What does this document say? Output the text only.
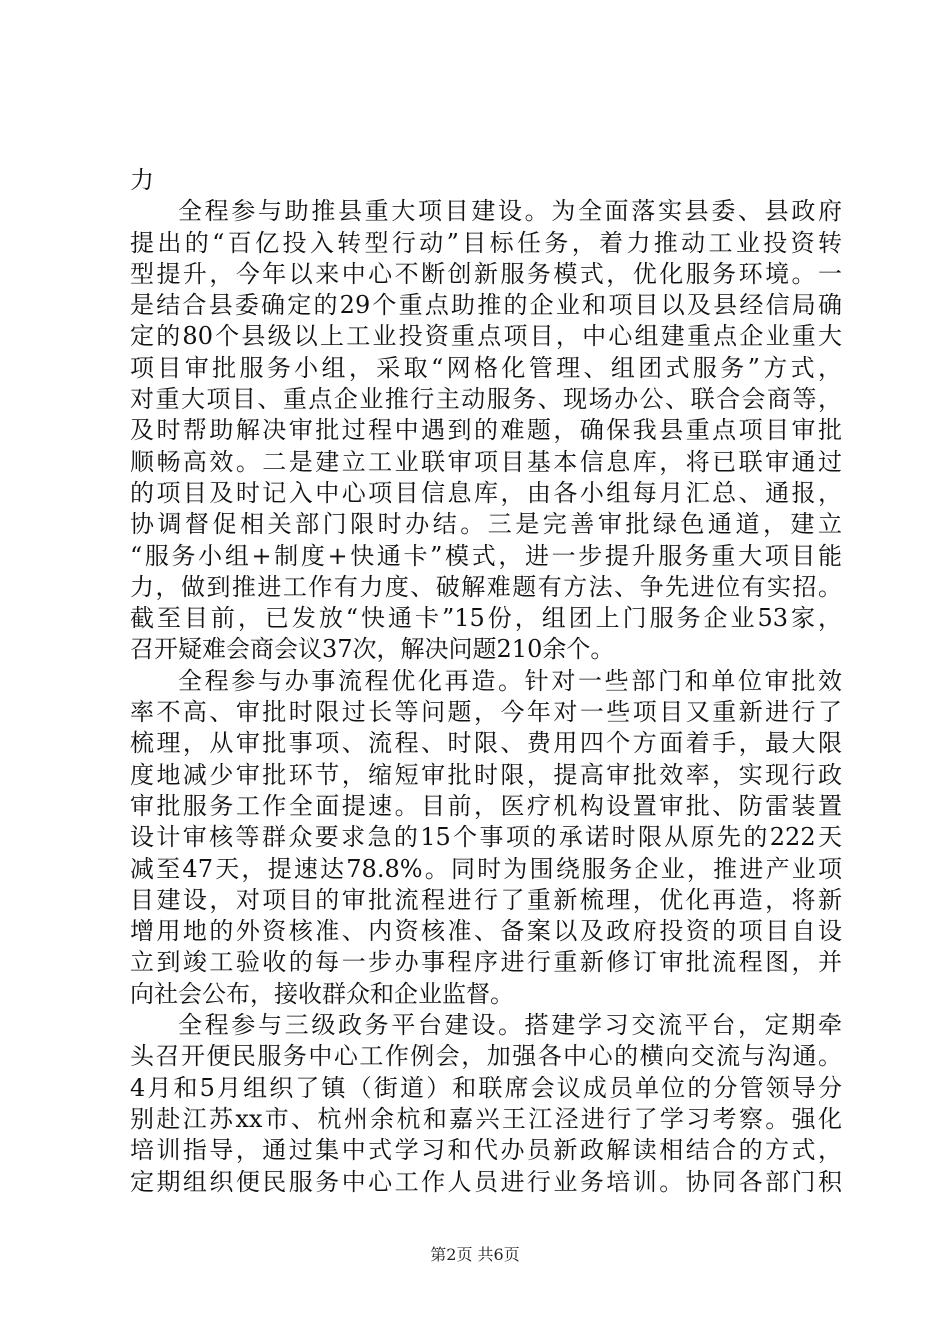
力
全程参与助推县重大项目建设。为全面落实县委、县政府
提出的“百亿投入转型行动”目标任务，着力推动工业投资转
型提升，今年以来中心不断创新服务模式，优化服务环境。一
是结合县委确定的29个重点助推的企业和项目以及县经信局确
定的80个县级以上工业投资重点项目，中心组建重点企业重大
项目审批服务小组，采取“网格化管理、组团式服务”方式，
对重大项目、重点企业推行主动服务、现场办公、联合会商等，
及时帮助解决审批过程中遇到的难题，确保我县重点项目审批
顺畅高效。二是建立工业联审项目基本信息库，将已联审通过
的项目及时记入中心项目信息库，由各小组每月汇总、通报，
协调督促相关部门限时办结。三是完善审批绿色通道，建立
“服务小组+制度+快通卡”模式，进一步提升服务重大项目能
力，做到推进工作有力度、破解难题有方法、争先进位有实招。
截至目前，已发放“快通卡”15份，组团上门服务企业53家，
召开疑难会商会议37次，解决问题210余个。
全程参与办事流程优化再造。针对一些部门和单位审批效
率不高、审批时限过长等问题，今年对一些项目又重新进行了
梳理，从审批事项、流程、时限、费用四个方面着手，最大限
度地减少审批环节，缩短审批时限，提高审批效率，实现行政
审批服务工作全面提速。目前，医疗机构设置审批、防雷装置
设计审核等群众要求急的15个事项的承诺时限从原先的222天
减至47天，提速达78.8%。同时为围绕服务企业，推进产业项
目建设，对项目的审批流程进行了重新梳理，优化再造，将新
增用地的外资核准、内资核准、备案以及政府投资的项目自设
立到竣工验收的每一步办事程序进行重新修订审批流程图，并
向社会公布，接收群众和企业监督。
全程参与三级政务平台建设。搭建学习交流平台，定期牵
头召开便民服务中心工作例会，加强各中心的横向交流与沟通。
4月和5月组织了镇（街道）和联席会议成员单位的分管领导分
别赴江苏xx市、杭州余杭和嘉兴王江泾进行了学习考察。强化
培训指导，通过集中式学习和代办员新政解读相结合的方式，
定期组织便民服务中心工作人员进行业务培训。协同各部门积
第2页 共6页
